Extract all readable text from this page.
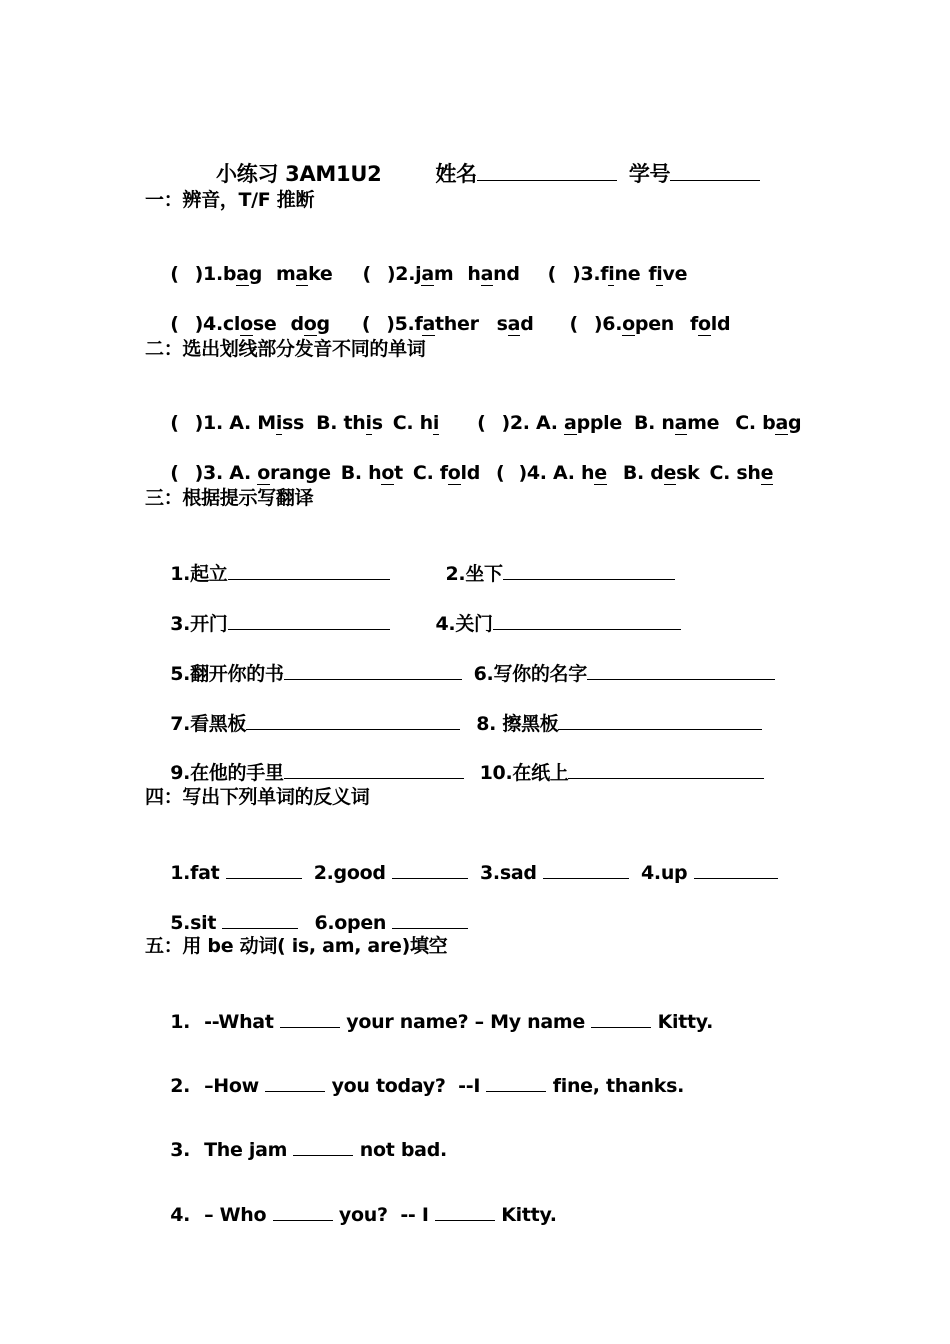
小练习 3AM1U2	姓名	学号

一：辨音，T/F 推断

( )1.bag make ( )2.jam hand ( )3.fine five

( )4.close dog ( )5.father sad ( )6.open fold

二：选出划线部分发音不同的单词

( )1. A. Miss B. this C. hi ( )2. A. apple B. name C. bag

( )3. A. orange B. hot C. fold ( )4. A. he B. desk C. she

三：根据提示写翻译

1.起立	2.坐下

3.开门	4.关门

5.翻开你的书	6.写你的名字

7.看黑板	8. 擦黑板

9.在他的手里	10.在纸上

四：写出下列单词的反义词

1.fat	2.good	3.sad	4.up

5.sit	6.open

五：用 be 动词( is, am, are)填空

1. --What	your name? – My name	Kitty.

2. –How	you today?  --I	fine, thanks.

3. The jam	not bad.

4. – Who	you?  -- I	Kitty.
